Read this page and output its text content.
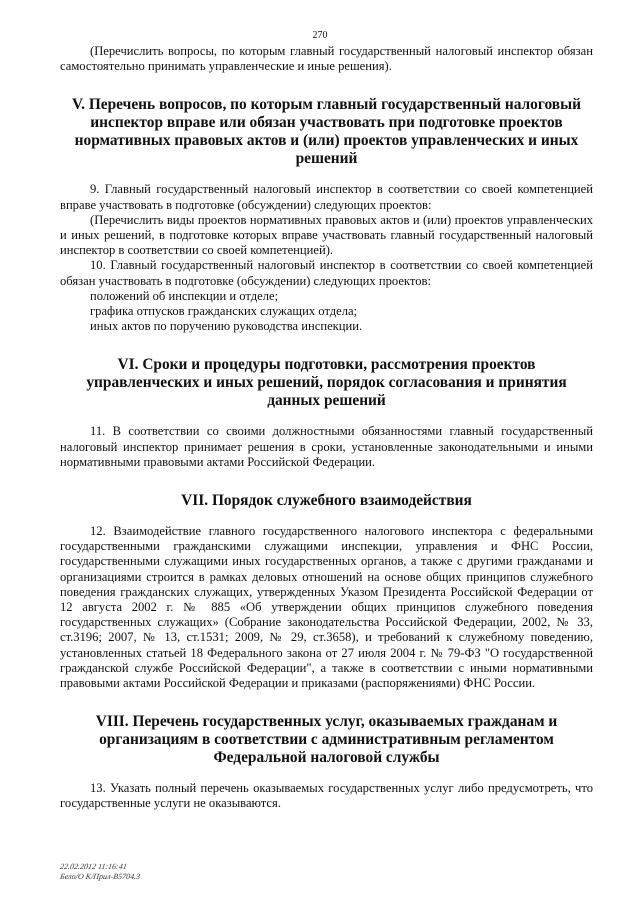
270

(Перечислить вопросы, по которым главный государственный налоговый инспектор обязан самостоятельно принимать управленческие и иные решения).

V. Перечень вопросов, по которым главный государственный налоговый инспектор вправе или обязан участвовать при подготовке проектов нормативных правовых актов и (или) проектов управленческих и иных решений

9. Главный государственный налоговый инспектор в соответствии со своей компетенцией вправе участвовать в подготовке (обсуждении) следующих проектов:

(Перечислить виды проектов нормативных правовых актов и (или) проектов управленческих и иных решений, в подготовке которых вправе участвовать главный государственный налоговый инспектор в соответствии со своей компетенцией).

10. Главный государственный налоговый инспектор в соответствии со своей компетенцией обязан участвовать в подготовке (обсуждении) следующих проектов:

положений об инспекции и отделе;

графика отпусков гражданских служащих отдела;

иных актов по поручению руководства инспекции.

VI. Сроки и процедуры подготовки, рассмотрения проектов управленческих и иных решений, порядок согласования и принятия данных решений

11. В соответствии со своими должностными обязанностями главный государственный налоговый инспектор принимает решения в сроки, установленные законодательными и иными нормативными правовыми актами Российской Федерации.

VII. Порядок служебного взаимодействия

12. Взаимодействие главного государственного налогового инспектора с федеральными государственными гражданскими служащими инспекции, управления и ФНС России, государственными служащими иных государственных органов, а также с другими гражданами и организациями строится в рамках деловых отношений на основе общих принципов служебного поведения гражданских служащих, утвержденных Указом Президента Российской Федерации от 12 августа 2002 г. № 885 «Об утверждении общих принципов служебного поведения государственных служащих» (Собрание законодательства Российской Федерации, 2002, № 33, ст.3196; 2007, № 13, ст.1531; 2009, № 29, ст.3658), и требований к служебному поведению, установленных статьей 18 Федерального закона от 27 июля 2004 г. № 79-ФЗ "О государственной гражданской службе Российской Федерации", а также в соответствии с иными нормативными правовыми актами Российской Федерации и приказами (распоряжениями) ФНС России.

VIII. Перечень государственных услуг, оказываемых гражданам и организациям в соответствии с административным регламентом Федеральной налоговой службы

13. Указать полный перечень оказываемых государственных услуг либо предусмотреть, что государственные услуги не оказываются.

22.02.2012 11:16:41
Бело/О К/Прил-В5704.3
